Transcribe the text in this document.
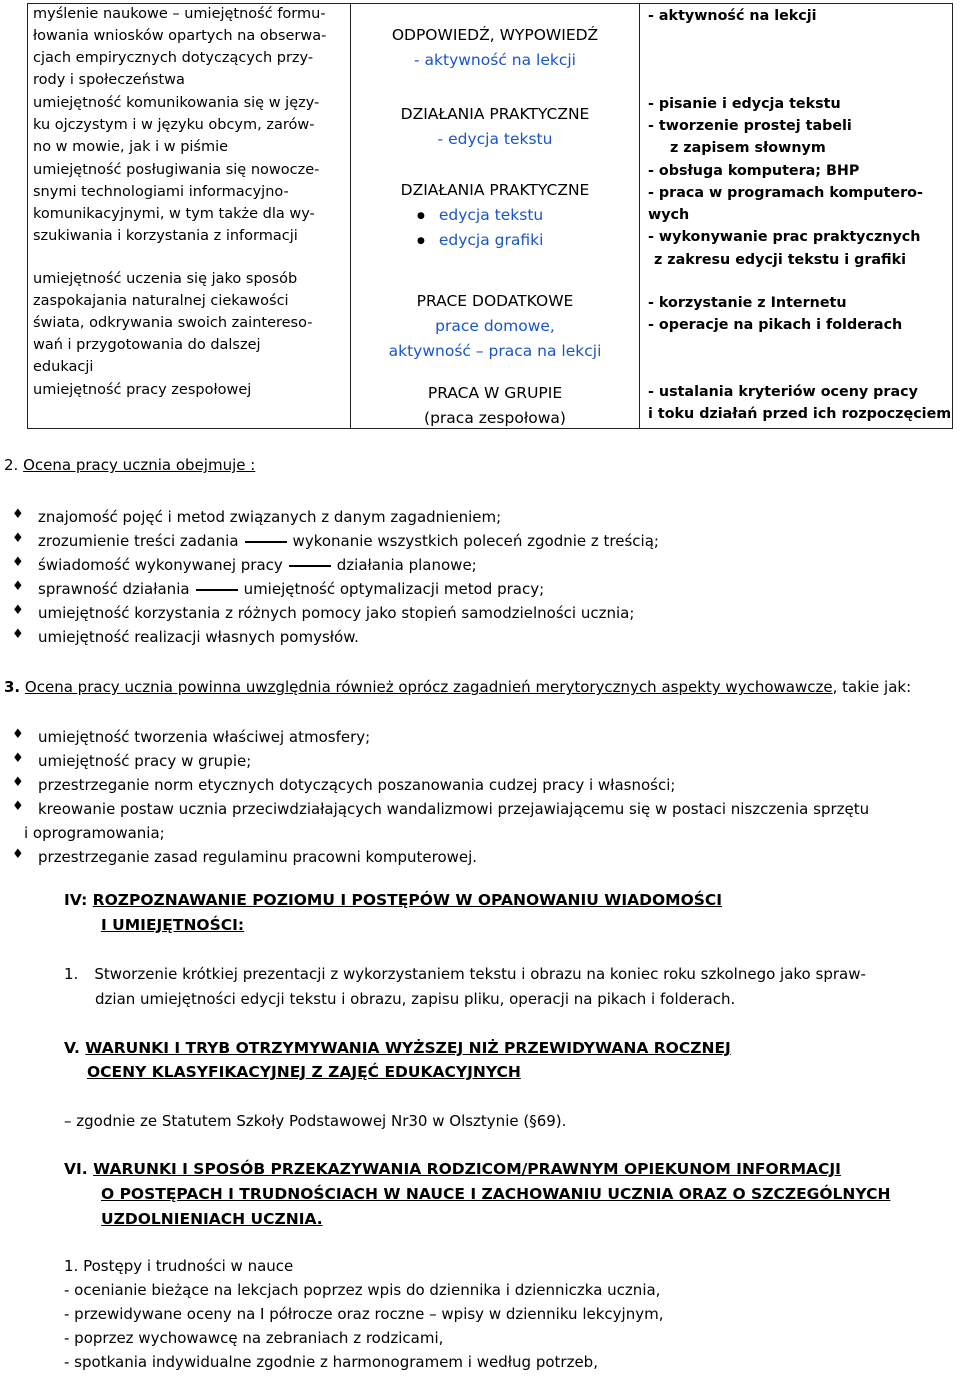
myślenie naukowe – umiejętność formu-
łowania wniosków opartych na obserwa-
cjach empirycznych dotyczących przy-
rody i społeczeństwa
umiejętność komunikowania się w języ-
ku ojczystym i w języku obcym, zarów-
no w mowie, jak i w piśmie
umiejętność posługiwania się nowocze-
snymi technologiami informacyjno-
komunikacyjnymi, w tym także dla wy-
szukiwania i korzystania z informacji
umiejętność uczenia się jako sposób
zaspokajania naturalnej ciekawości
świata, odkrywania swoich zaintereso-
wań i przygotowania do dalszej
edukacji
umiejętność pracy zespołowej

ODPOWIEDŹ, WYPOWIEDŹ
- aktywność na lekcji
DZIAŁANIA PRAKTYCZNE
- edycja tekstu
DZIAŁANIA PRAKTYCZNE
● edycja tekstu
● edycja grafiki
PRACE DODATKOWE
prace domowe,
aktywność – praca na lekcji
PRACA W GRUPIE
(praca zespołowa)

- aktywność na lekcji
- pisanie i edycja tekstu
- tworzenie prostej tabeli
z zapisem słownym
- obsługa komputera; BHP
- praca w programach komputero-
wych
- wykonywanie prac praktycznych
z zakresu edycji tekstu i grafiki
- korzystanie z Internetu
- operacje na pikach i folderach
- ustalania kryteriów oceny pracy
i toku działań przed ich rozpoczęciem
2. Ocena pracy ucznia obejmuje :
♦ znajomość pojęć i metod związanych z danym zagadnieniem;
♦ zrozumienie treści zadania	wykonanie wszystkich poleceń zgodnie z treścią;
♦ świadomość wykonywanej pracy	działania planowe;
♦ sprawność działania	umiejętność optymalizacji metod pracy;
♦ umiejętność korzystania z różnych pomocy jako stopień samodzielności ucznia;
♦ umiejętność realizacji własnych pomysłów.
3. Ocena pracy ucznia powinna uwzględnia również oprócz zagadnień merytorycznych aspekty wychowawcze, takie jak:
♦ umiejętność tworzenia właściwej atmosfery;
♦ umiejętność pracy w grupie;
♦ przestrzeganie norm etycznych dotyczących poszanowania cudzej pracy i własności;
♦ kreowanie postaw ucznia przeciwdziałających wandalizmowi przejawiającemu się w postaci niszczenia sprzętu
i oprogramowania;
♦ przestrzeganie zasad regulaminu pracowni komputerowej.
IV: ROZPOZNAWANIE POZIOMU I POSTĘPÓW W OPANOWANIU WIADOMOŚCI
I UMIEJĘTNOŚCI:
1. Stworzenie krótkiej prezentacji z wykorzystaniem tekstu i obrazu na koniec roku szkolnego jako spraw-
dzian umiejętności edycji tekstu i obrazu, zapisu pliku, operacji na pikach i folderach.
V. WARUNKI I TRYB OTRZYMYWANIA WYŻSZEJ NIŻ PRZEWIDYWANA ROCZNEJ
OCENY KLASYFIKACYJNEJ Z ZAJĘĆ EDUKACYJNYCH
– zgodnie ze Statutem Szkoły Podstawowej Nr30 w Olsztynie (§69).
VI. WARUNKI I SPOSÓB PRZEKAZYWANIA RODZICOM/PRAWNYM OPIEKUNOM INFORMACJI
O POSTĘPACH I TRUDNOŚCIACH W NAUCE I ZACHOWANIU UCZNIA ORAZ O SZCZEGÓLNYCH
UZDOLNIENIACH UCZNIA.
1. Postępy i trudności w nauce
- ocenianie bieżące na lekcjach poprzez wpis do dziennika i dzienniczka ucznia,
- przewidywane oceny na I półrocze oraz roczne – wpisy w dzienniku lekcyjnym,
- poprzez wychowawcę na zebraniach z rodzicami,
- spotkania indywidualne zgodnie z harmonogramem i według potrzeb,
